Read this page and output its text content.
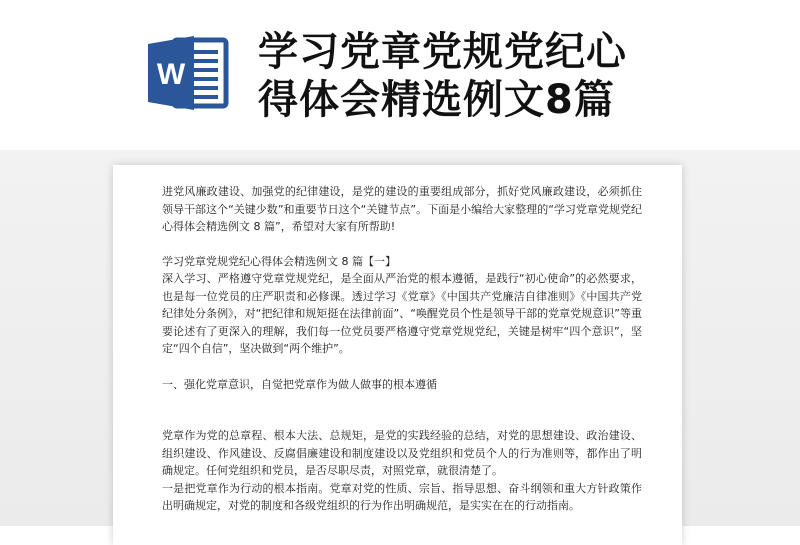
W 学习党章党规党纪心
得体会精选例文8篇

进党风廉政建设、加强党的纪律建设，是党的建设的重要组成部分，抓好党风廉政建设，必须抓住领导干部这个“关键少数”和重要节日这个“关键节点”。下面是小编给大家整理的“学习党章党规党纪心得体会精选例文 8 篇”，希望对大家有所帮助!

学习党章党规党纪心得体会精选例文 8 篇【一】

深入学习、严格遵守党章党规党纪，是全面从严治党的根本遵循，是践行“初心使命”的必然要求，也是每一位党员的庄严职责和必修课。透过学习《党章》《中国共产党廉洁自律准则》《中国共产党纪律处分条例》，对“把纪律和规矩挺在法律前面”、“唤醒党员个性是领导干部的党章党规意识”等重要论述有了更深入的理解，我们每一位党员要严格遵守党章党规党纪，关键是树牢“四个意识”，坚定“四个自信”，坚决做到“两个维护”。

一、强化党章意识，自觉把党章作为做人做事的根本遵循

党章作为党的总章程、根本大法、总规矩，是党的实践经验的总结，对党的思想建设、政治建设、组织建设、作风建设、反腐倡廉建设和制度建设以及党组织和党员个人的行为准则等，都作出了明确规定。任何党组织和党员，是否尽职尽责，对照党章，就很清楚了。

一是把党章作为行动的根本指南。党章对党的性质、宗旨、指导思想、奋斗纲领和重大方针政策作出明确规定，对党的制度和各级党组织的行为作出明确规范，是实实在在的行动指南。
